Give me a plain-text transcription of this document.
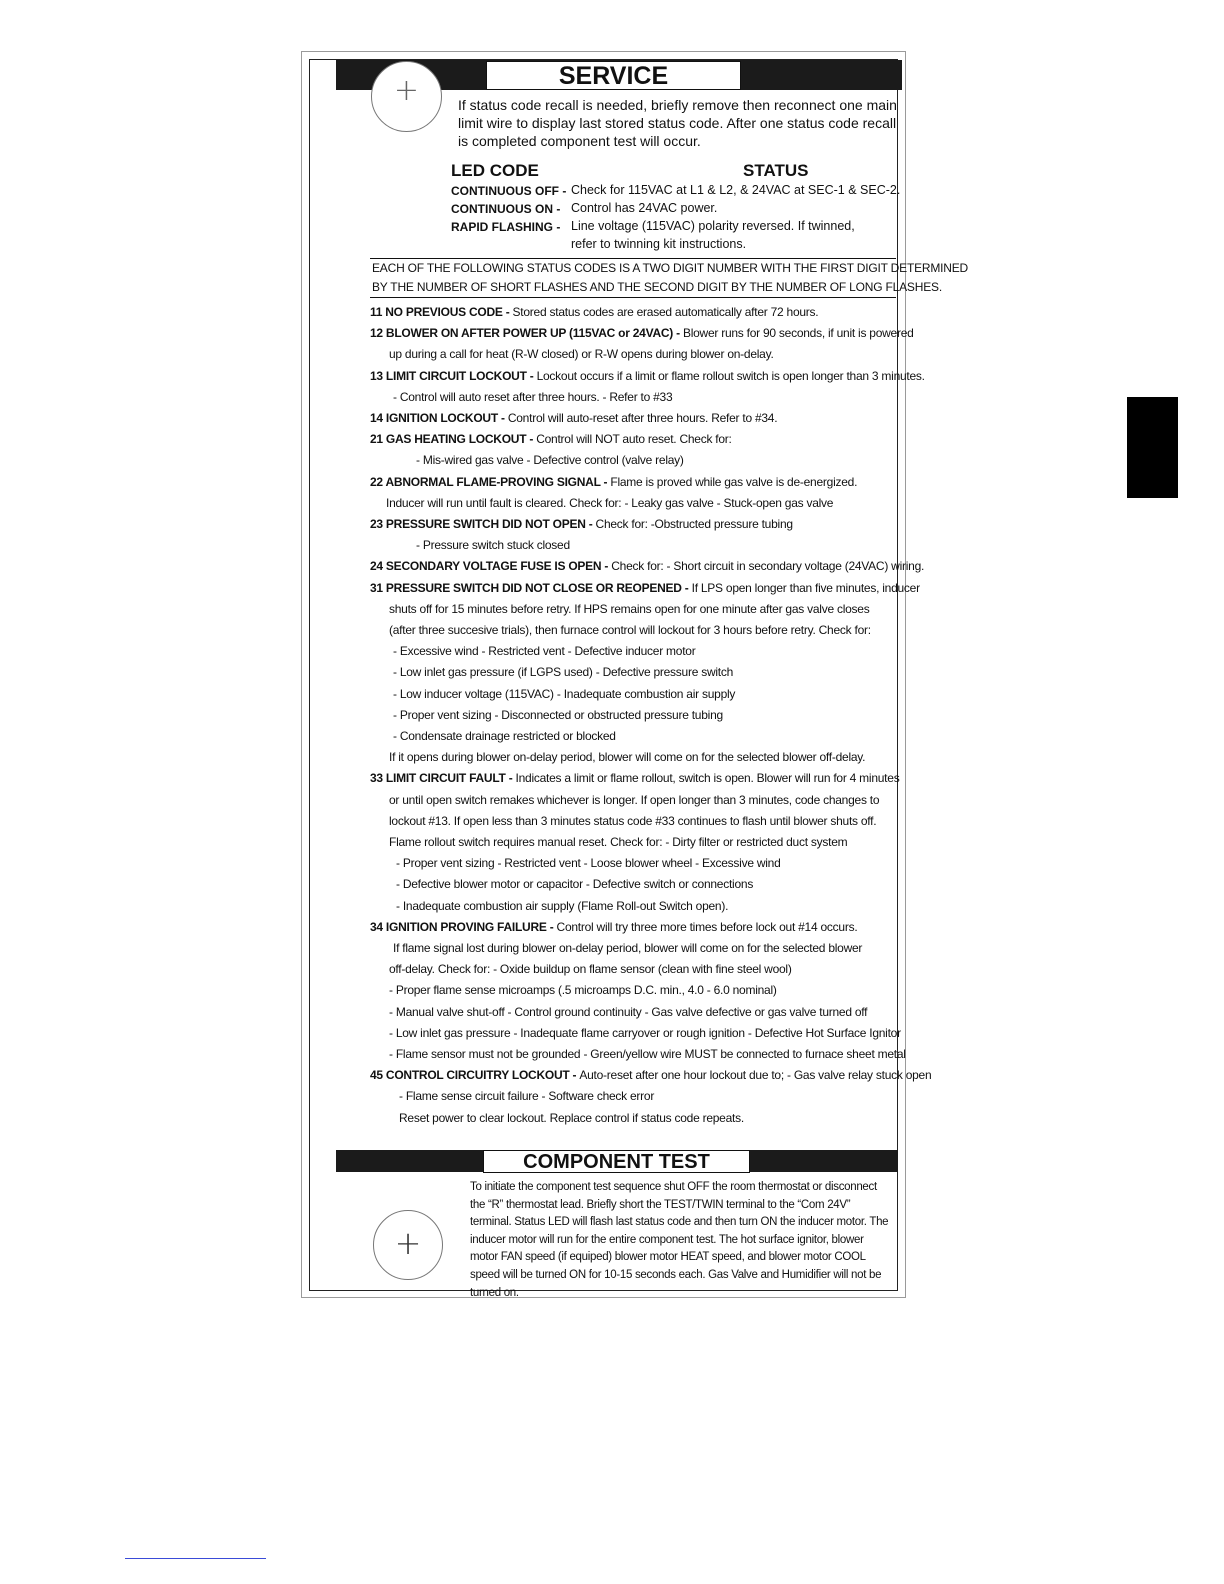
SERVICE
+	If status code recall is needed, briefly remove then reconnect one main limit wire to display last stored status code. After one status code recall is completed component test will occur.

LED CODE	STATUS
CONTINUOUS OFF - Check for 115VAC at L1 & L2, & 24VAC at SEC-1 & SEC-2.
CONTINUOUS ON - Control has 24VAC power.
RAPID FLASHING - Line voltage (115VAC) polarity reversed. If twinned,
refer to twinning kit instructions.
EACH OF THE FOLLOWING STATUS CODES IS A TWO DIGIT NUMBER WITH THE FIRST DIGIT DETERMINED
BY THE NUMBER OF SHORT FLASHES AND THE SECOND DIGIT BY THE NUMBER OF LONG FLASHES.
11 NO PREVIOUS CODE - Stored status codes are erased automatically after 72 hours.
12 BLOWER ON AFTER POWER UP (115VAC or 24VAC) - Blower runs for 90 seconds, if unit is powered
up during a call for heat (R-W closed) or R-W opens during blower on-delay.
13 LIMIT CIRCUIT LOCKOUT - Lockout occurs if a limit or flame rollout switch is open longer than 3 minutes.
- Control will auto reset after three hours. - Refer to #33
14 IGNITION LOCKOUT - Control will auto-reset after three hours. Refer to #34.
21 GAS HEATING LOCKOUT - Control will NOT auto reset. Check for:
- Mis-wired gas valve - Defective control (valve relay)
22 ABNORMAL FLAME-PROVING SIGNAL - Flame is proved while gas valve is de-energized.
Inducer will run until fault is cleared. Check for: - Leaky gas valve - Stuck-open gas valve
23 PRESSURE SWITCH DID NOT OPEN - Check for: -Obstructed pressure tubing
- Pressure switch stuck closed
24 SECONDARY VOLTAGE FUSE IS OPEN - Check for: - Short circuit in secondary voltage (24VAC) wiring.
31 PRESSURE SWITCH DID NOT CLOSE OR REOPENED - If LPS open longer than five minutes, inducer
shuts off for 15 minutes before retry. If HPS remains open for one minute after gas valve closes
(after three succesive trials), then furnace control will lockout for 3 hours before retry. Check for:
- Excessive wind - Restricted vent - Defective inducer motor
- Low inlet gas pressure (if LGPS used) - Defective pressure switch
- Low inducer voltage (115VAC) - Inadequate combustion air supply
- Proper vent sizing - Disconnected or obstructed pressure tubing
- Condensate drainage restricted or blocked
If it opens during blower on-delay period, blower will come on for the selected blower off-delay.
33 LIMIT CIRCUIT FAULT - Indicates a limit or flame rollout, switch is open. Blower will run for 4 minutes
or until open switch remakes whichever is longer. If open longer than 3 minutes, code changes to
lockout #13. If open less than 3 minutes status code #33 continues to flash until blower shuts off.
Flame rollout switch requires manual reset. Check for: - Dirty filter or restricted duct system
- Proper vent sizing - Restricted vent - Loose blower wheel - Excessive wind
- Defective blower motor or capacitor - Defective switch or connections
- Inadequate combustion air supply (Flame Roll-out Switch open).
34 IGNITION PROVING FAILURE - Control will try three more times before lock out #14 occurs.
If flame signal lost during blower on-delay period, blower will come on for the selected blower
off-delay. Check for: - Oxide buildup on flame sensor (clean with fine steel wool)
- Proper flame sense microamps (.5 microamps D.C. min., 4.0 - 6.0 nominal)
- Manual valve shut-off - Control ground continuity - Gas valve defective or gas valve turned off
- Low inlet gas pressure - Inadequate flame carryover or rough ignition - Defective Hot Surface Ignitor
- Flame sensor must not be grounded - Green/yellow wire MUST be connected to furnace sheet metal
45 CONTROL CIRCUITRY LOCKOUT - Auto-reset after one hour lockout due to; - Gas valve relay stuck open
- Flame sense circuit failure - Software check error
Reset power to clear lockout. Replace control if status code repeats.
COMPONENT TEST
+

To initiate the component test sequence shut OFF the room thermostat or disconnect the “R” thermostat lead. Briefly short the TEST/TWIN terminal to the “Com 24V” terminal. Status LED will flash last status code and then turn ON the inducer motor. The inducer motor will run for the entire component test. The hot surface ignitor, blower motor FAN speed (if equiped) blower motor HEAT speed, and blower motor COOL speed will be turned ON for 10-15 seconds each. Gas Valve and Humidifier will not be turned on.
